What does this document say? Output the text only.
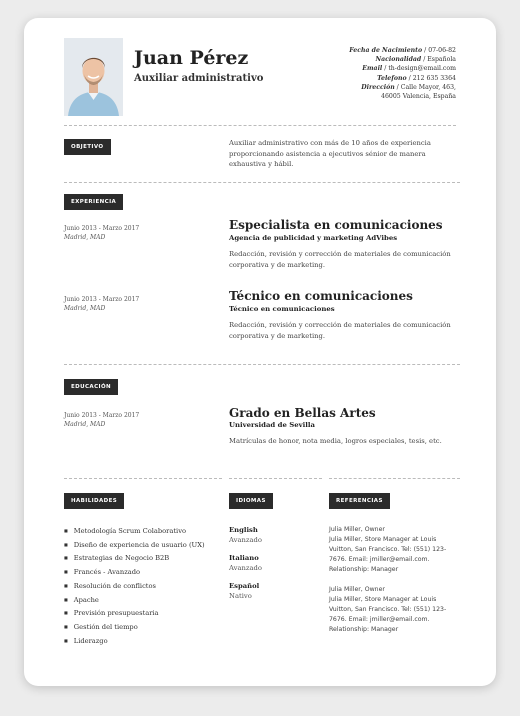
Juan Pérez
Auxiliar administrativo
Fecha de Nacimiento / 07-06-82
Nacionalidad / Española
Email / th-design@email.com
Telefono / 212 635 3364
Dirección / Calle Mayor, 463,
46005 Valencia, España
OBJETIVO	Auxiliar administrativo con más de 10 años de experiencia proporcionando asistencia a ejecutivos sénior de manera exhaustiva y hábil.
EXPERIENCIA
Junio 2013 - Marzo 2017
Madrid, MAD
Especialista en comunicaciones
Agencia de publicidad y marketing AdVibes
Redacción, revisión y corrección de materiales de comunicación corporativa y de marketing.
Junio 2013 - Marzo 2017
Madrid, MAD
Técnico en comunicaciones
Técnico en comunicaciones
Redacción, revisión y corrección de materiales de comunicación corporativa y de marketing.
EDUCACIÓN
Junio 2013 - Marzo 2017
Madrid, MAD
Grado en Bellas Artes
Universidad de Sevilla
Matrículas de honor, nota media, logros especiales, tesis, etc.
HABILIDADES
■ Metodología Scrum Colaborativo
■ Diseño de experiencia de usuario (UX)
■ Estrategias de Negocio B2B
■ Francés - Avanzado
■ Resolución de conflictos
■ Apache
■ Previsión presupuestaria
■ Gestión del tiempo
■ Liderazgo
IDIOMAS
English
Avanzado
Italiano
Avanzado
Español
Nativo
REFERENCIAS
Julia Miller, Owner
Julia Miller, Store Manager at Louis Vuitton, San Francisco. Tel: (551) 123-7676. Email: jmiller@email.com. Relationship: Manager
Julia Miller, Owner
Julia Miller, Store Manager at Louis Vuitton, San Francisco. Tel: (551) 123-7676. Email: jmiller@email.com. Relationship: Manager
